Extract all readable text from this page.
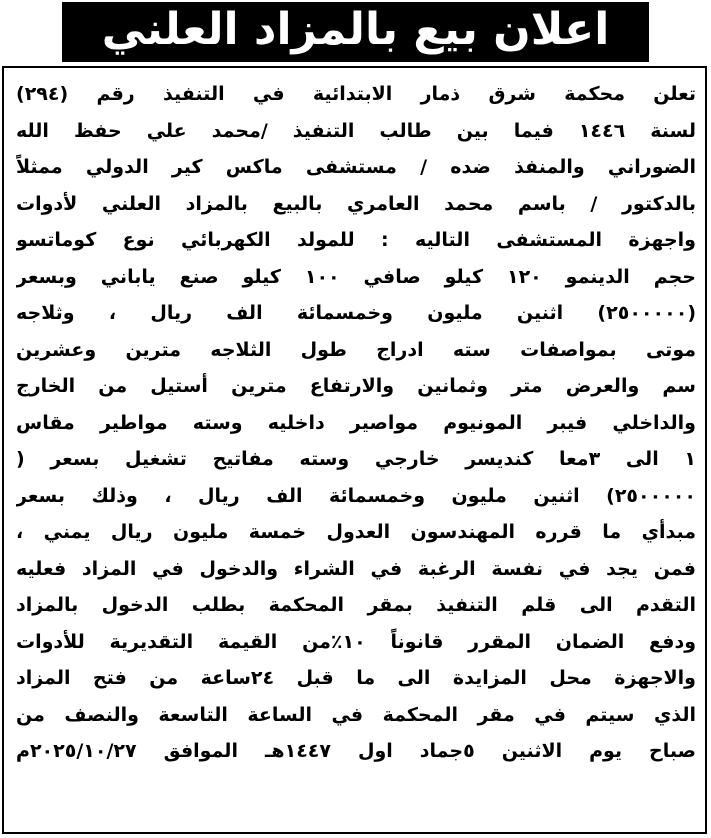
اعلان بيع بالمزاد العلني
تعلن محكمة شرق ذمار الابتدائية في التنفيذ رقم (٢٩٤)
لسنة ١٤٤٦ فيما بين طالب التنفيذ /محمد علي حفظ الله
الضوراني والمنفذ ضده / مستشفى ماكس كير الدولي ممثلاً
بالدكتور / باسم محمد العامري بالبيع بالمزاد العلني لأدوات
واجهزة المستشفى التاليه : للمولد الكهربائي نوع كوماتسو
حجم الدينمو ١٢٠ كيلو صافي ١٠٠ كيلو صنع ياباني وبسعر
(٢٥٠٠٠٠٠) اثنين مليون وخمسمائة الف ريال ، وثلاجه
موتى بمواصفات سته ادراج طول الثلاجه مترين وعشرين
سم والعرض متر وثمانين والارتفاع مترين أستيل من الخارج
والداخلي فيبر المونيوم مواصير داخليه وسته مواطير مقاس
١ الى ٣معا كنديسر خارجي وسته مفاتيح تشغيل بسعر (
٢٥٠٠٠٠٠) اثنين مليون وخمسمائة الف ريال ، وذلك بسعر
مبدأي ما قرره المهندسون العدول خمسة مليون ريال يمني ،
فمن يجد في نفسة الرغبة في الشراء والدخول في المزاد فعليه
التقدم الى قلم التنفيذ بمقر المحكمة بطلب الدخول بالمزاد
ودفع الضمان المقرر قانوناً ١٠٪من القيمة التقديرية للأدوات
والاجهزة محل المزايدة الى ما قبل ٢٤ساعة من فتح المزاد
الذي سيتم في مقر المحكمة في الساعة التاسعة والنصف من
صباح يوم الاثنين ٥جماد اول ١٤٤٧هـ الموافق ٢٠٢٥/١٠/٢٧م
